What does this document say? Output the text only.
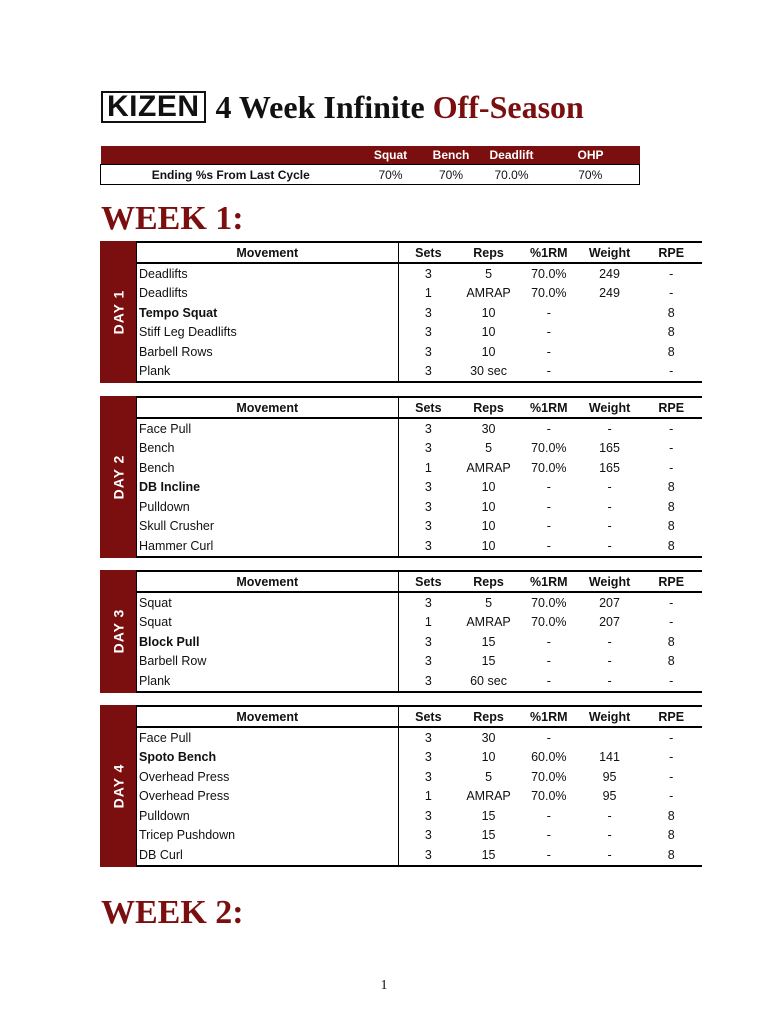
KIZEN 4 Week Infinite Off-Season
	Squat	Bench	Deadlift	OHP
Ending %s From Last Cycle	70%	70%	70.0%	70%
WEEK 1:
DAY 1
Movement	Sets	Reps	%1RM	Weight	RPE
Deadlifts	3	5	70.0%	249	-
Deadlifts	1	AMRAP	70.0%	249	-
Tempo Squat	3	10	-		8
Stiff Leg Deadlifts	3	10	-		8
Barbell Rows	3	10	-		8
Plank	3	30 sec	-		-
DAY 2
Movement	Sets	Reps	%1RM	Weight	RPE
Face Pull	3	30	-	-	-
Bench	3	5	70.0%	165	-
Bench	1	AMRAP	70.0%	165	-
DB Incline	3	10	-	-	8
Pulldown	3	10	-	-	8
Skull Crusher	3	10	-	-	8
Hammer Curl	3	10	-	-	8
DAY 3
Movement	Sets	Reps	%1RM	Weight	RPE
Squat	3	5	70.0%	207	-
Squat	1	AMRAP	70.0%	207	-
Block Pull	3	15	-	-	8
Barbell Row	3	15	-	-	8
Plank	3	60 sec	-	-	-
DAY 4
Movement	Sets	Reps	%1RM	Weight	RPE
Face Pull	3	30	-		-
Spoto Bench	3	10	60.0%	141	-
Overhead Press	3	5	70.0%	95	-
Overhead Press	1	AMRAP	70.0%	95	-
Pulldown	3	15	-	-	8
Tricep Pushdown	3	15	-	-	8
DB Curl	3	15	-	-	8
WEEK 2:
1
